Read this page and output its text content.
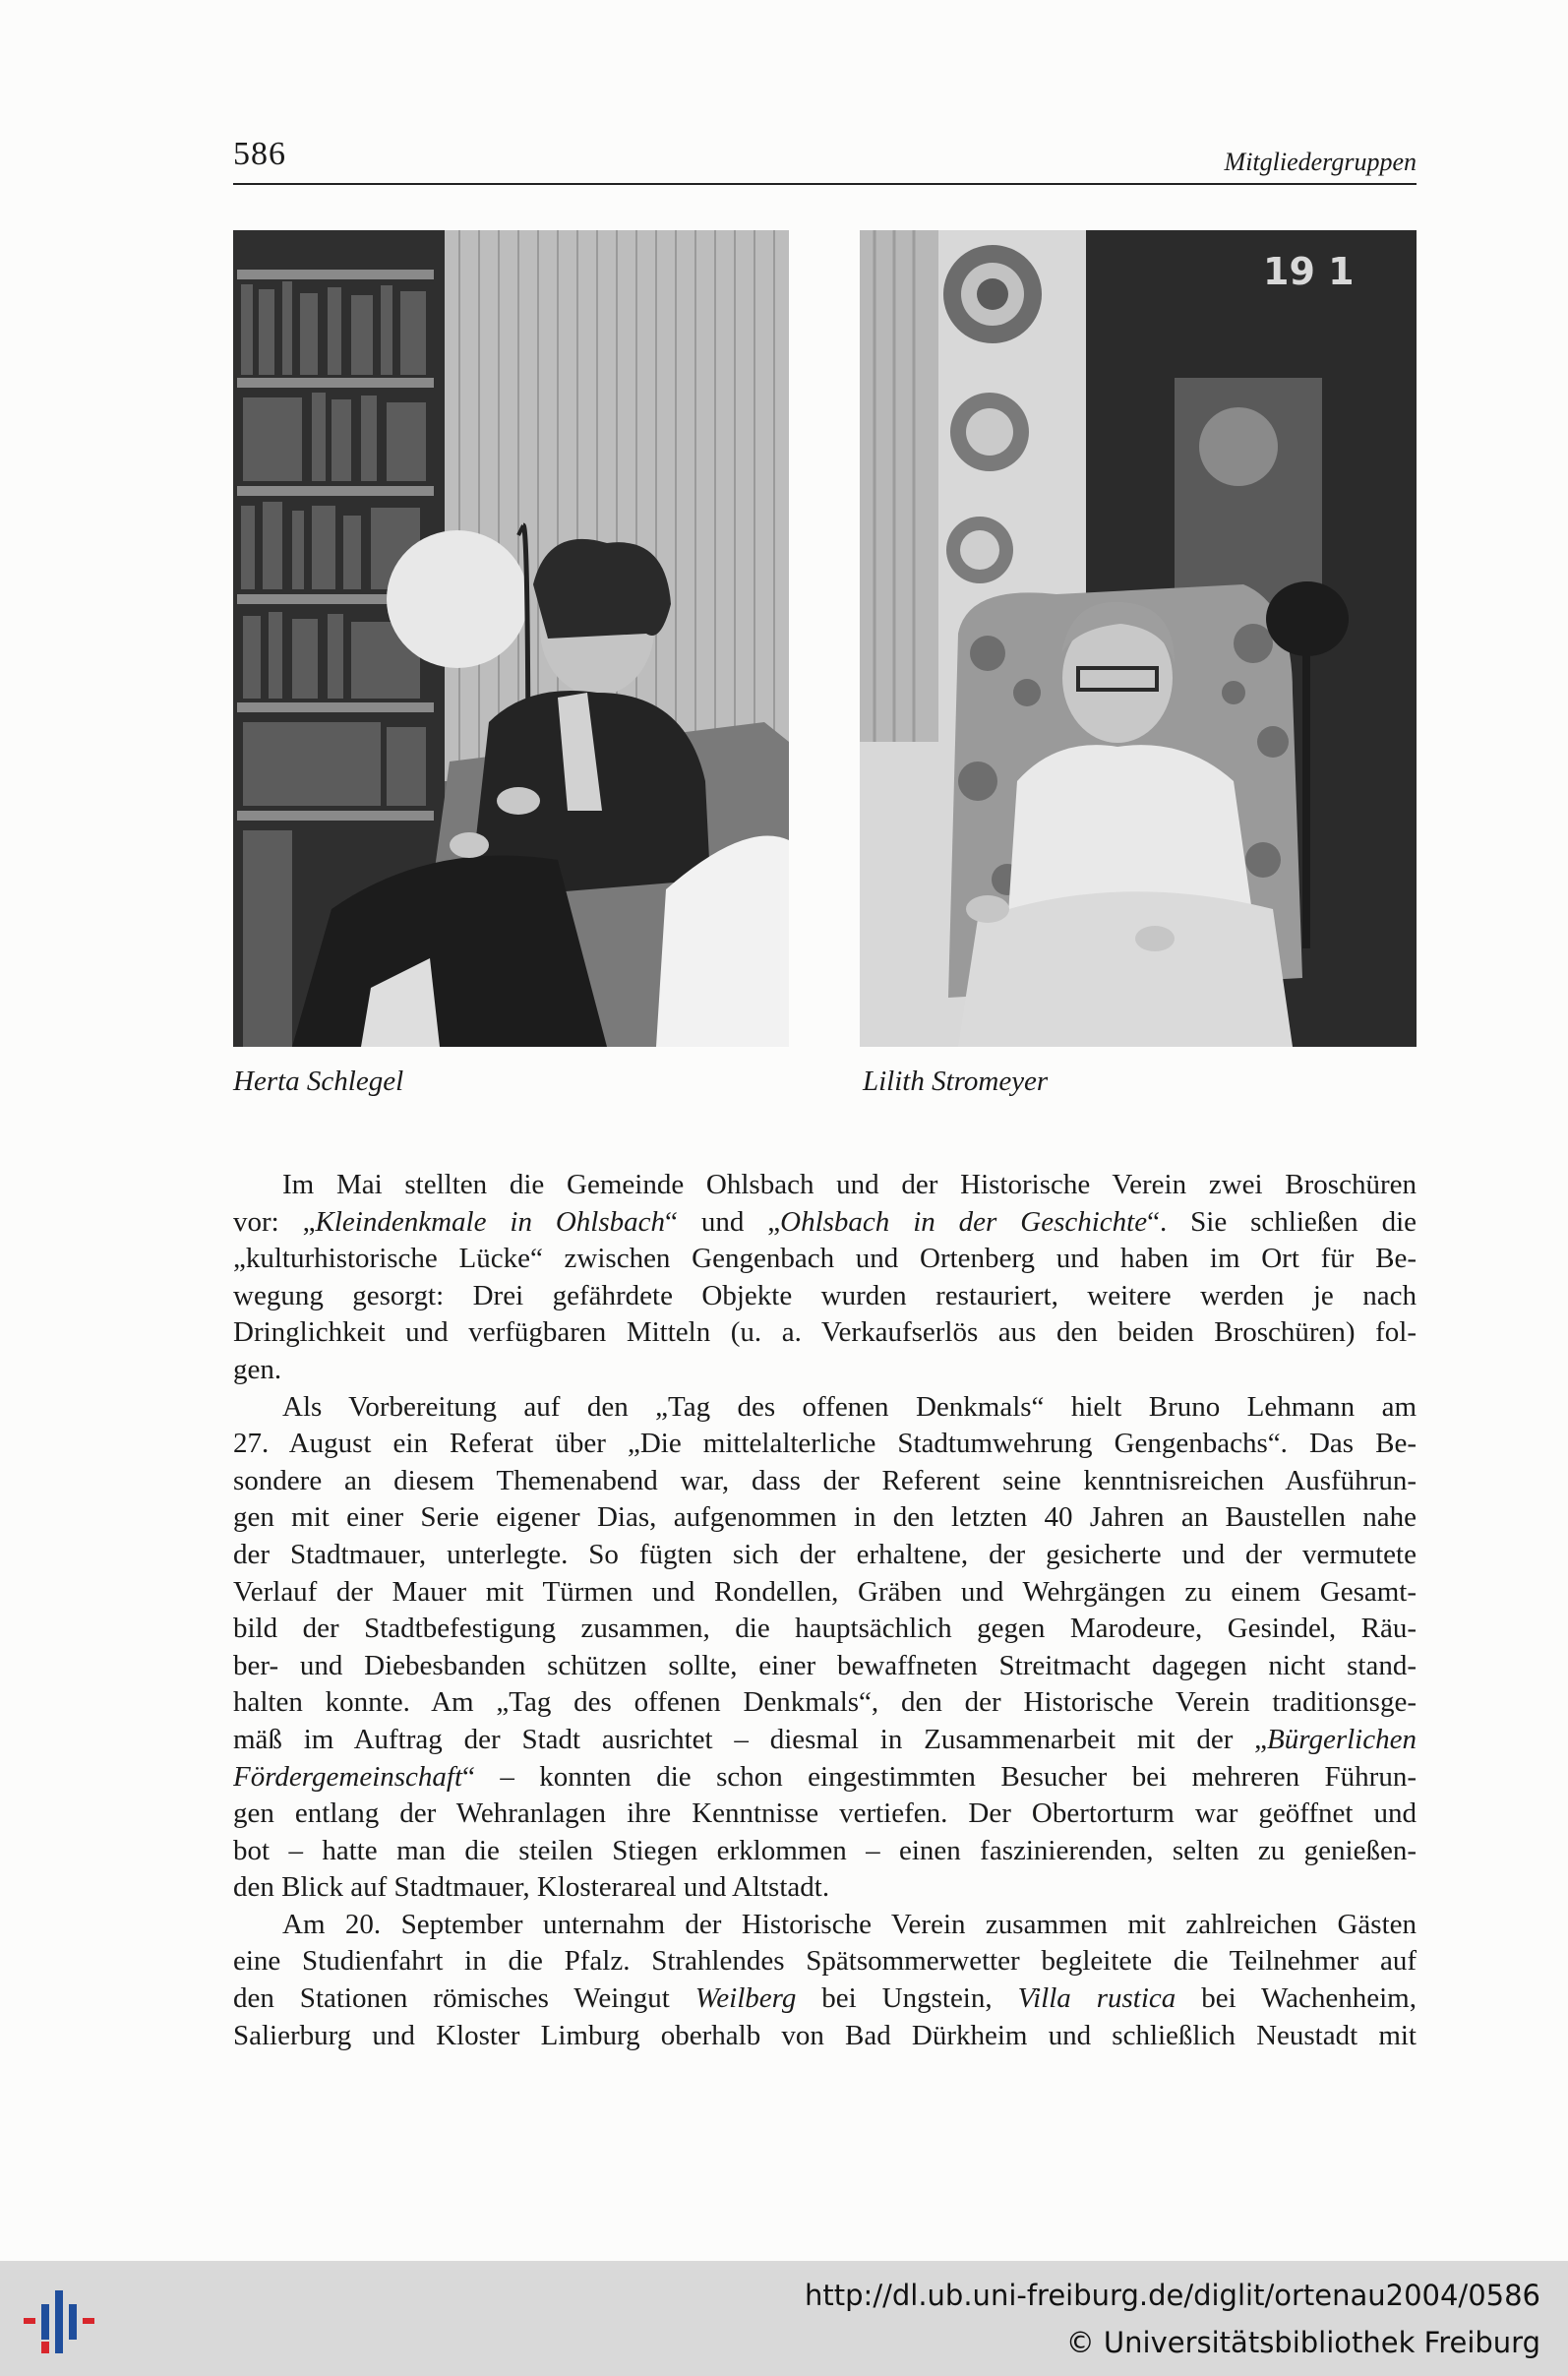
586	Mitgliedergruppen
19 1
Herta Schlegel	Lilith Stromeyer
Im Mai stellten die Gemeinde Ohlsbach und der Historische Verein zwei Broschüren
vor: „Kleindenkmale in Ohlsbach“ und „Ohlsbach in der Geschichte“. Sie schließen die
„kulturhistorische Lücke“ zwischen Gengenbach und Ortenberg und haben im Ort für Be-
wegung gesorgt: Drei gefährdete Objekte wurden restauriert, weitere werden je nach
Dringlichkeit und verfügbaren Mitteln (u. a. Verkaufserlös aus den beiden Broschüren) fol-
gen.
Als Vorbereitung auf den „Tag des offenen Denkmals“ hielt Bruno Lehmann am
27. August ein Referat über „Die mittelalterliche Stadtumwehrung Gengenbachs“. Das Be-
sondere an diesem Themenabend war, dass der Referent seine kenntnisreichen Ausführun-
gen mit einer Serie eigener Dias, aufgenommen in den letzten 40 Jahren an Baustellen nahe
der Stadtmauer, unterlegte. So fügten sich der erhaltene, der gesicherte und der vermutete
Verlauf der Mauer mit Türmen und Rondellen, Gräben und Wehrgängen zu einem Gesamt-
bild der Stadtbefestigung zusammen, die hauptsächlich gegen Marodeure, Gesindel, Räu-
ber- und Diebesbanden schützen sollte, einer bewaffneten Streitmacht dagegen nicht stand-
halten konnte. Am „Tag des offenen Denkmals“, den der Historische Verein traditionsge-
mäß im Auftrag der Stadt ausrichtet – diesmal in Zusammenarbeit mit der „Bürgerlichen
Fördergemeinschaft“ – konnten die schon eingestimmten Besucher bei mehreren Führun-
gen entlang der Wehranlagen ihre Kenntnisse vertiefen. Der Obertorturm war geöffnet und
bot – hatte man die steilen Stiegen erklommen – einen faszinierenden, selten zu genießen-
den Blick auf Stadtmauer, Klosterareal und Altstadt.
Am 20. September unternahm der Historische Verein zusammen mit zahlreichen Gästen
eine Studienfahrt in die Pfalz. Strahlendes Spätsommerwetter begleitete die Teilnehmer auf
den Stationen römisches Weingut Weilberg bei Ungstein, Villa rustica bei Wachenheim,
Salierburg und Kloster Limburg oberhalb von Bad Dürkheim und schließlich Neustadt mit
http://dl.ub.uni-freiburg.de/diglit/ortenau2004/0586
© Universitätsbibliothek Freiburg
